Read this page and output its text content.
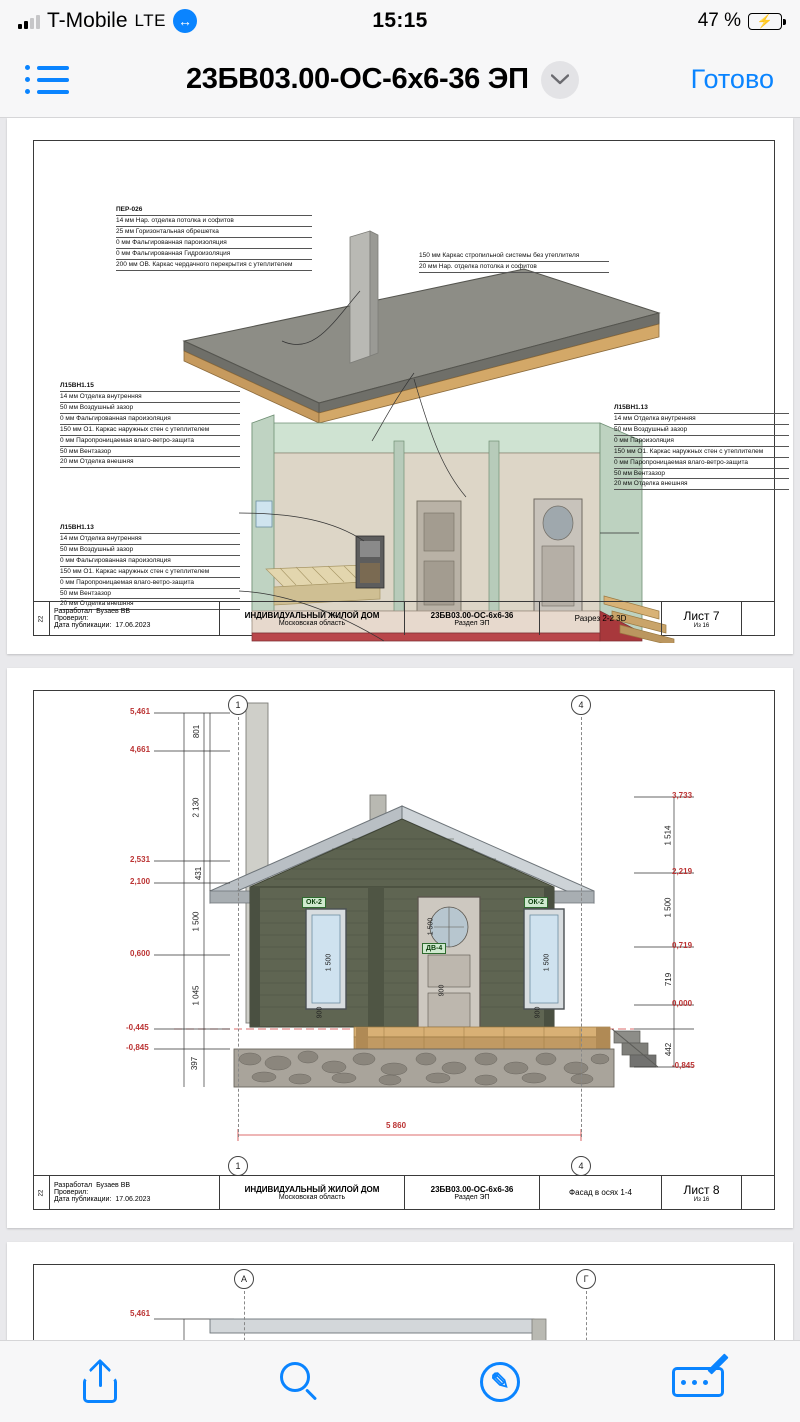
T-Mobile LTE ↔	15:15	47 % ⚡
23БВ03.00-ОС-6х6-36 ЭП	Готово
ПЕР-026
14 мм Нар. отделка потолка и софитов
25 мм Горизонтальная обрешетка
0 мм Фальгированная пароизоляция
0 мм Фальгированная Гидроизоляция
200 мм ОВ. Каркас чердачного перекрытия с утеплителем
150 мм Каркас стропильной системы без утеплителя
20 мм Нар. отделка потолка и софитов
Л15ВН1.15
14 мм Отделка внутренняя
50 мм Воздушный зазор
0 мм Фальгированная пароизоляция
150 мм О1. Каркас наружных стен с утеплителем
0 мм Паропроницаемая влаго-ветро-защита
50 мм Вентзазор
20 мм Отделка внешняя
Л15ВН1.13
14 мм Отделка внутренняя
50 мм Воздушный зазор
0 мм Пароизоляция
150 мм О1. Каркас наружных стен с утеплителем
0 мм Паропроницаемая влаго-ветро-защита
50 мм Вентзазор
20 мм Отделка внешняя
Л15ВН1.13
14 мм Отделка внутренняя
50 мм Воздушный зазор
0 мм Фальгированная пароизоляция
150 мм О1. Каркас наружных стен с утеплителем
0 мм Паропроницаемая влаго-ветро-защита
50 мм Вентзазор
20 мм Отделка внешняя
22
Разработал Бузаев ВВ
Проверил:
Дата публикации: 17.06.2023
ИНДИВИДУАЛЬНЫЙ ЖИЛОЙ ДОМ
Московская область
23БВ03.00-ОС-6х6-36
Раздел ЭП	Разрез 2-2 3D	Лист 7
Из 16
1	4
1	4
5,461
4,661
2,531
2,100
0,600
-0,445
-0,845
801
2 130
431
1 500
1 045
397
3,733
2,219
0,719
0,000
-0,845
1 514
1 500
719
442
ОК-2	ОК-2
ДВ-4
1 500	1 500
1 500
900	900
900
5 860
22
Разработал Бузаев ВВ
Проверил:
Дата публикации: 17.06.2023
ИНДИВИДУАЛЬНЫЙ ЖИЛОЙ ДОМ
Московская область
23БВ03.00-ОС-6х6-36
Раздел ЭП	Фасад в осях 1-4	Лист 8
Из 16
А	Г
5,461
✎
